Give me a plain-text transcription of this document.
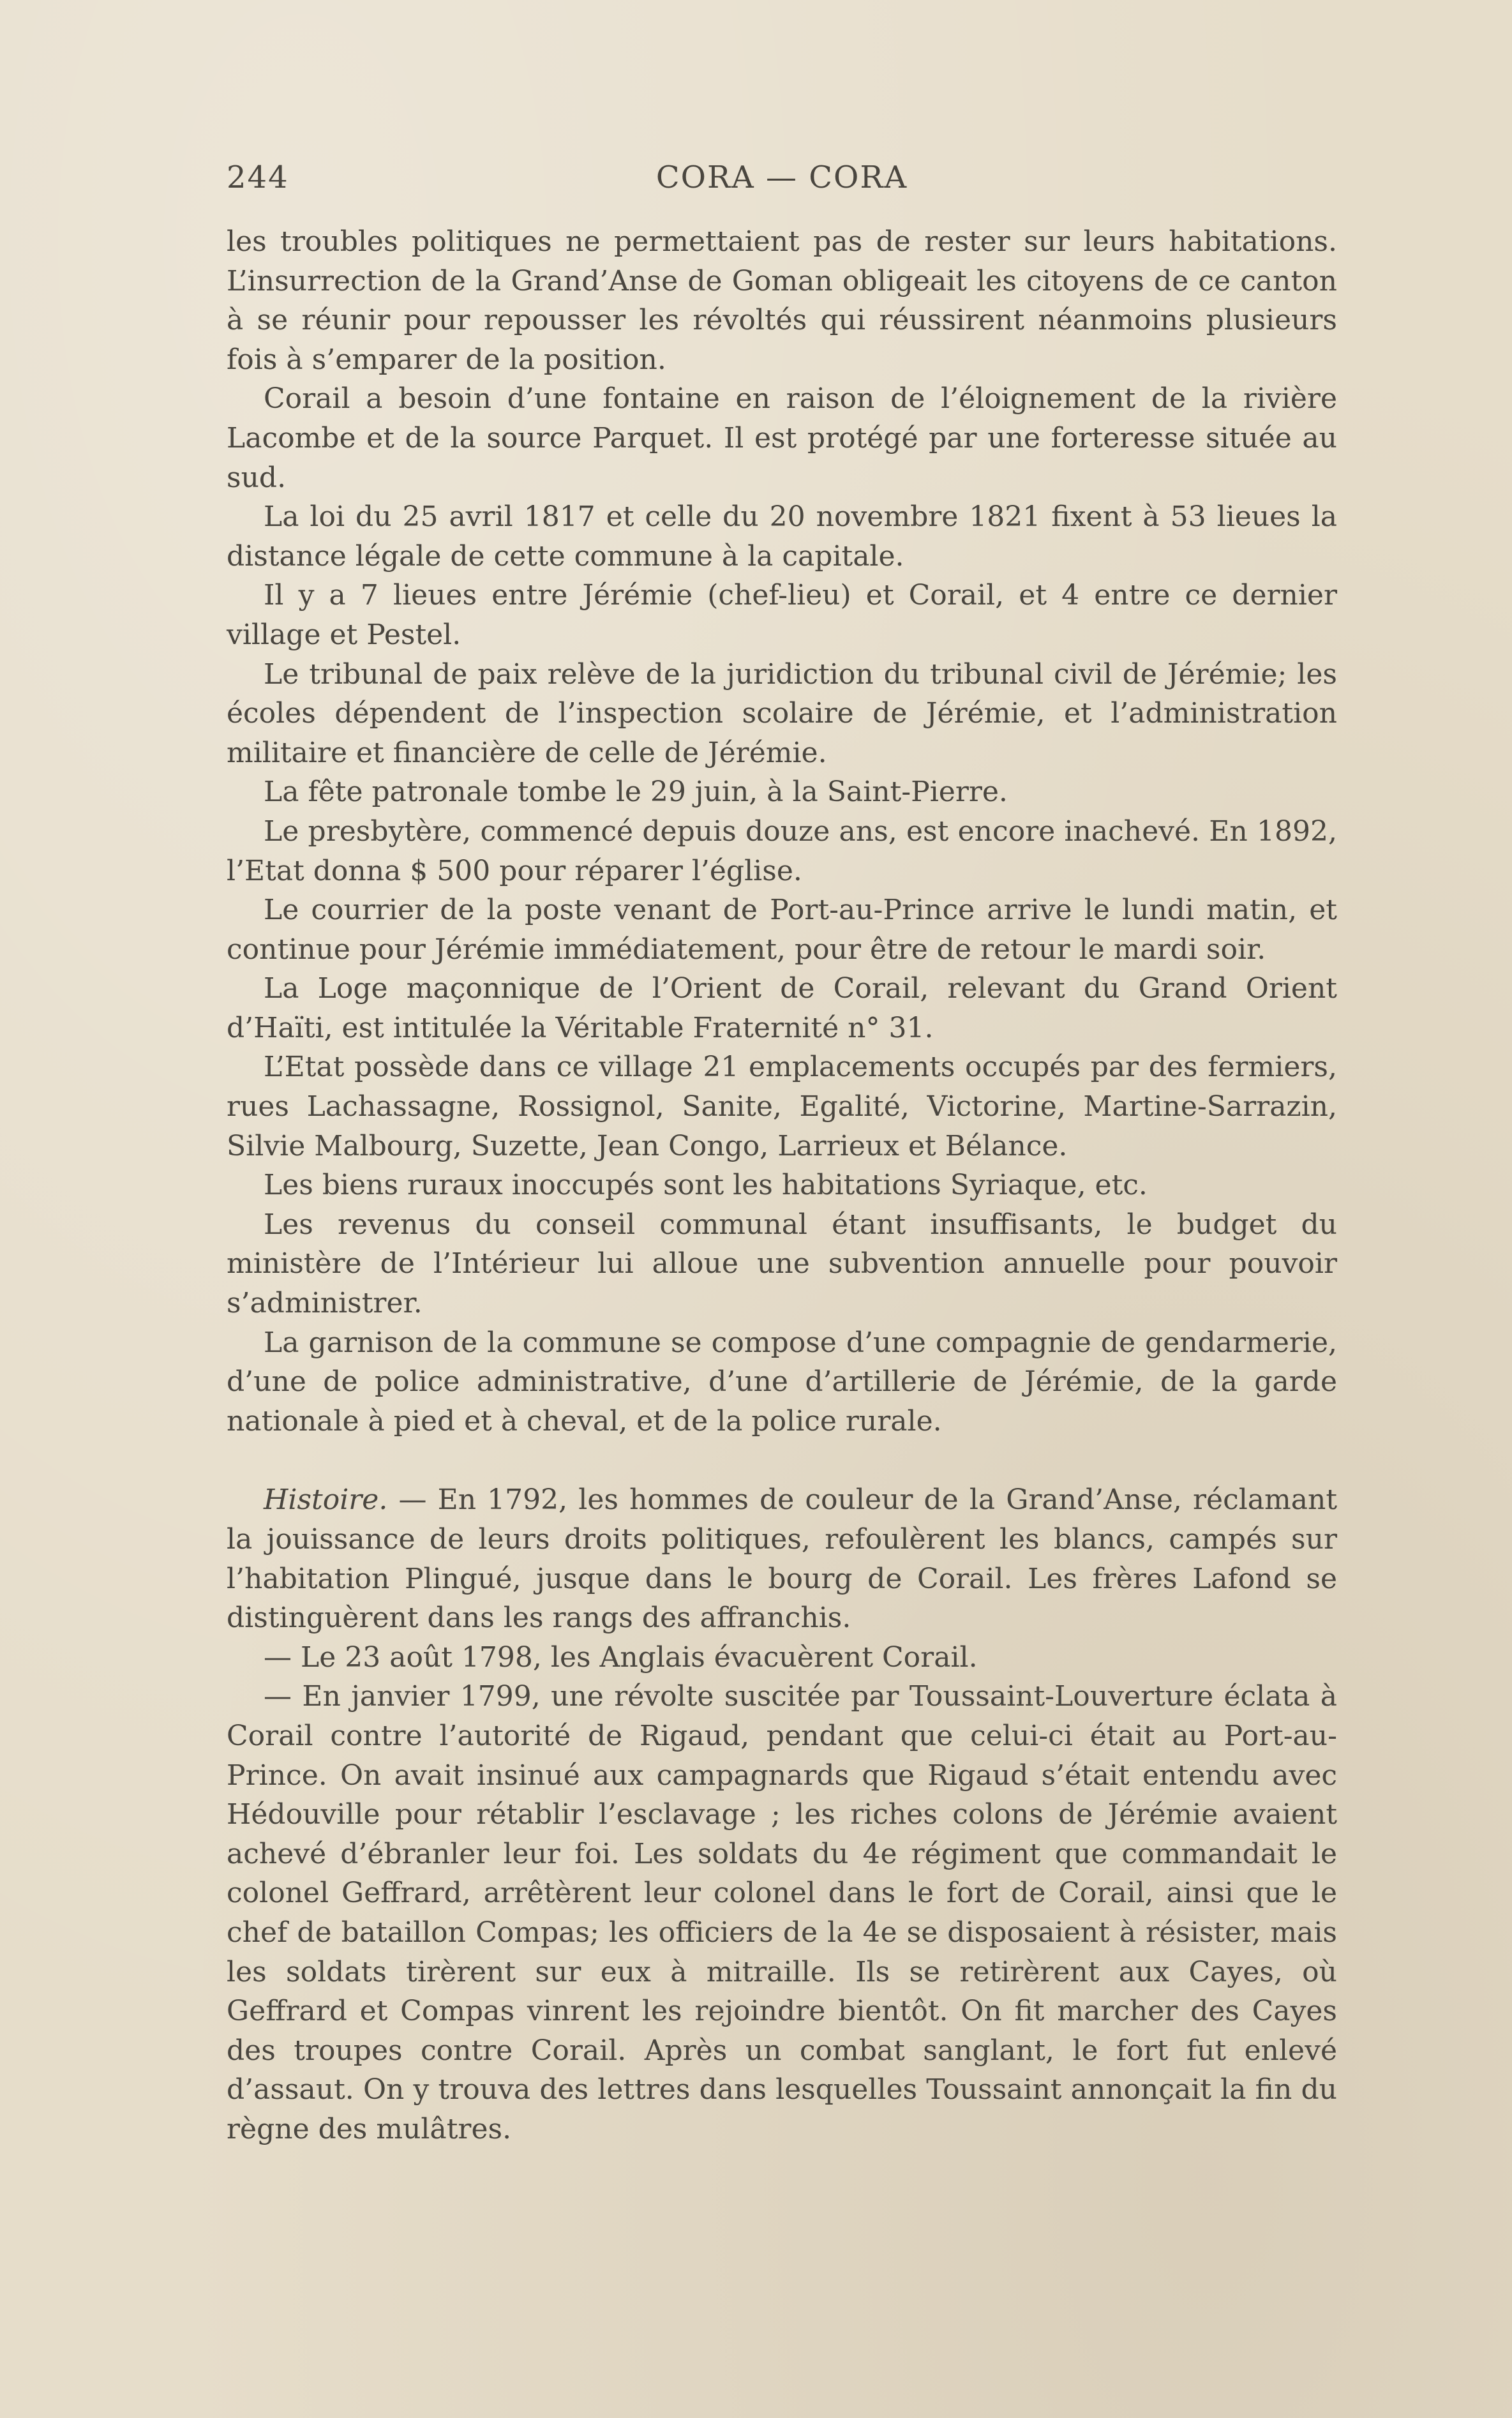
244	CORA — CORA

les troubles politiques ne permettaient pas de rester sur leurs habitations. L’insurrection de la Grand’Anse de Goman obligeait les citoyens de ce canton à se réunir pour repousser les révoltés qui réussirent néanmoins plusieurs fois à s’emparer de la position.

Corail a besoin d’une fontaine en raison de l’éloignement de la rivière Lacombe et de la source Parquet. Il est protégé par une forteresse située au sud.

La loi du 25 avril 1817 et celle du 20 novembre 1821 fixent à 53 lieues la distance légale de cette commune à la capitale.

Il y a 7 lieues entre Jérémie (chef-lieu) et Corail, et 4 entre ce dernier village et Pestel.

Le tribunal de paix relève de la juridiction du tribunal civil de Jérémie; les écoles dépendent de l’inspection scolaire de Jérémie, et l’administration militaire et financière de celle de Jérémie.

La fête patronale tombe le 29 juin, à la Saint-Pierre.

Le presbytère, commencé depuis douze ans, est encore inachevé. En 1892, l’Etat donna $ 500 pour réparer l’église.

Le courrier de la poste venant de Port-au-Prince arrive le lundi matin, et continue pour Jérémie immédiatement, pour être de retour le mardi soir.

La Loge maçonnique de l’Orient de Corail, relevant du Grand Orient d’Haïti, est intitulée la Véritable Fraternité n° 31.

L’Etat possède dans ce village 21 emplacements occupés par des fermiers, rues Lachassagne, Rossignol, Sanite, Egalité, Victorine, Martine-Sarrazin, Silvie Malbourg, Suzette, Jean Congo, Larrieux et Bélance.

Les biens ruraux inoccupés sont les habitations Syriaque, etc.

Les revenus du conseil communal étant insuffisants, le budget du ministère de l’Intérieur lui alloue une subvention annuelle pour pouvoir s’administrer.

La garnison de la commune se compose d’une compagnie de gendarmerie, d’une de police administrative, d’une d’artillerie de Jérémie, de la garde nationale à pied et à cheval, et de la police rurale.

Histoire. — En 1792, les hommes de couleur de la Grand’Anse, réclamant la jouissance de leurs droits politiques, refoulèrent les blancs, campés sur l’habitation Plingué, jusque dans le bourg de Corail. Les frères Lafond se distinguèrent dans les rangs des affranchis.

— Le 23 août 1798, les Anglais évacuèrent Corail.

— En janvier 1799, une révolte suscitée par Toussaint-Louverture éclata à Corail contre l’autorité de Rigaud, pendant que celui-ci était au Port-au-Prince. On avait insinué aux campagnards que Rigaud s’était entendu avec Hédouville pour rétablir l’esclavage ; les riches colons de Jérémie avaient achevé d’ébranler leur foi. Les soldats du 4e régiment que commandait le colonel Geffrard, arrêtèrent leur colonel dans le fort de Corail, ainsi que le chef de bataillon Compas; les officiers de la 4e se disposaient à résister, mais les soldats tirèrent sur eux à mitraille. Ils se retirèrent aux Cayes, où Geffrard et Compas vinrent les rejoindre bientôt. On fit marcher des Cayes des troupes contre Corail. Après un combat sanglant, le fort fut enlevé d’assaut. On y trouva des lettres dans lesquelles Toussaint annonçait la fin du règne des mulâtres.
